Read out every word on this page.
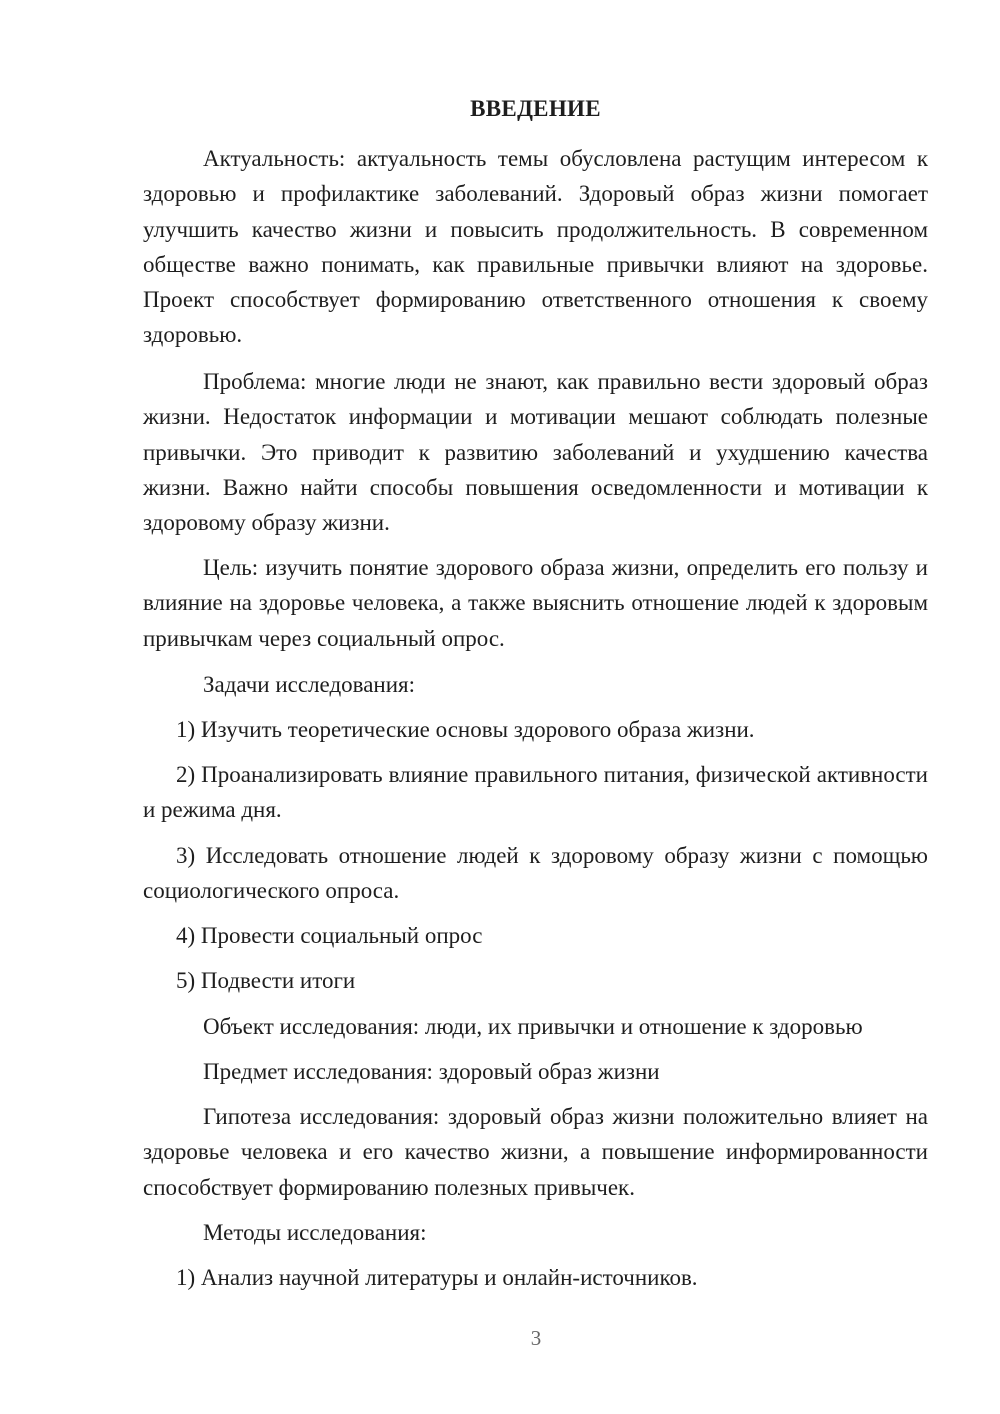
ВВЕДЕНИЕ

Актуальность: актуальность темы обусловлена растущим интересом к здоровью и профилактике заболеваний. Здоровый образ жизни помогает улучшить качество жизни и повысить продолжительность. В современном обществе важно понимать, как правильные привычки влияют на здоровье. Проект способствует формированию ответственного отношения к своему здоровью.

Проблема: многие люди не знают, как правильно вести здоровый образ жизни. Недостаток информации и мотивации мешают соблюдать полезные привычки. Это приводит к развитию заболеваний и ухудшению качества жизни. Важно найти способы повышения осведомленности и мотивации к здоровому образу жизни.

Цель: изучить понятие здорового образа жизни, определить его пользу и влияние на здоровье человека, а также выяснить отношение людей к здоровым привычкам через социальный опрос.

Задачи исследования:

1) Изучить теоретические основы здорового образа жизни.

2) Проанализировать влияние правильного питания, физической активности и режима дня.

3) Исследовать отношение людей к здоровому образу жизни с помощью социологического опроса.

4) Провести социальный опрос

5) Подвести итоги

Объект исследования: люди, их привычки и отношение к здоровью

Предмет исследования: здоровый образ жизни

Гипотеза исследования: здоровый образ жизни положительно влияет на здоровье человека и его качество жизни, а повышение информированности способствует формированию полезных привычек.

Методы исследования:

1) Анализ научной литературы и онлайн-источников.

3
